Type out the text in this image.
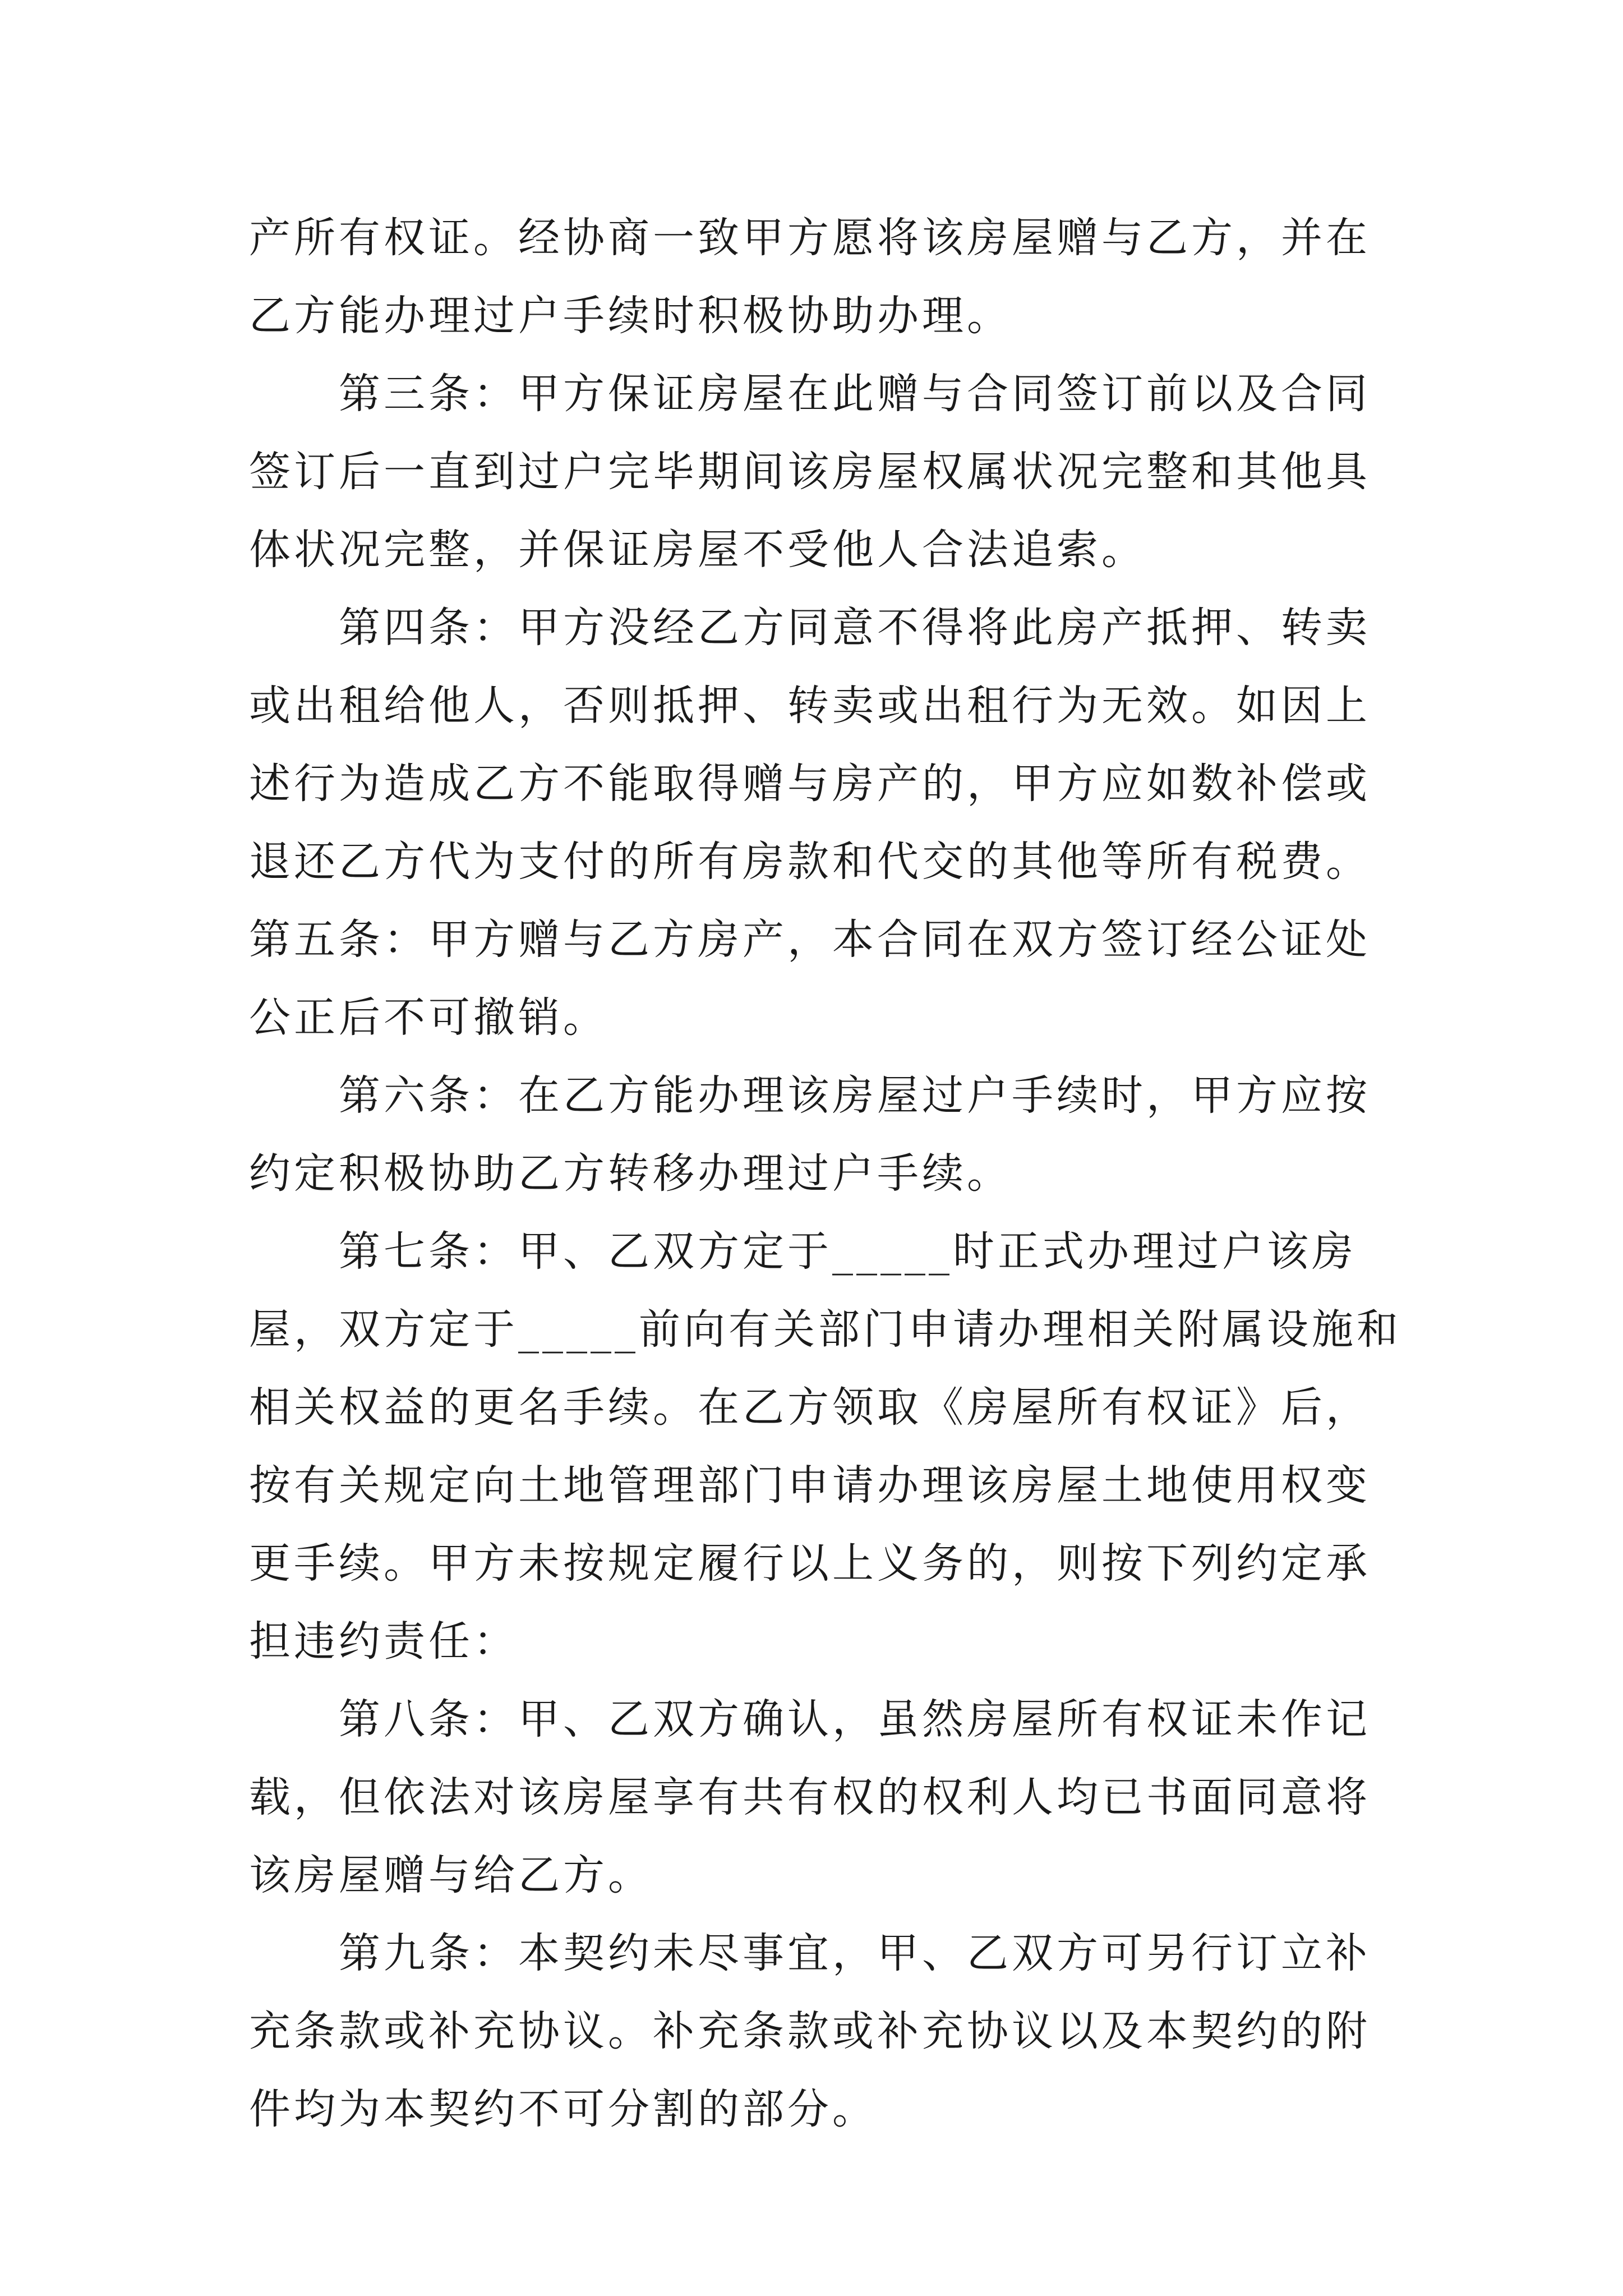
产所有权证。经协商一致甲方愿将该房屋赠与乙方，并在乙方能办理过户手续时积极协助办理。

第三条：甲方保证房屋在此赠与合同签订前以及合同签订后一直到过户完毕期间该房屋权属状况完整和其他具体状况完整，并保证房屋不受他人合法追索。

第四条：甲方没经乙方同意不得将此房产抵押、转卖或出租给他人，否则抵押、转卖或出租行为无效。如因上述行为造成乙方不能取得赠与房产的，甲方应如数补偿或退还乙方代为支付的所有房款和代交的其他等所有税费。第五条：甲方赠与乙方房产，本合同在双方签订经公证处公正后不可撤销。

第六条：在乙方能办理该房屋过户手续时，甲方应按约定积极协助乙方转移办理过户手续。

第七条：甲、乙双方定于_____时正式办理过户该房屋，双方定于_____前向有关部门申请办理相关附属设施和相关权益的更名手续。在乙方领取《房屋所有权证》后，按有关规定向土地管理部门申请办理该房屋土地使用权变更手续。甲方未按规定履行以上义务的，则按下列约定承担违约责任：

第八条：甲、乙双方确认，虽然房屋所有权证未作记载，但依法对该房屋享有共有权的权利人均已书面同意将该房屋赠与给乙方。

第九条：本契约未尽事宜，甲、乙双方可另行订立补充条款或补充协议。补充条款或补充协议以及本契约的附件均为本契约不可分割的部分。
